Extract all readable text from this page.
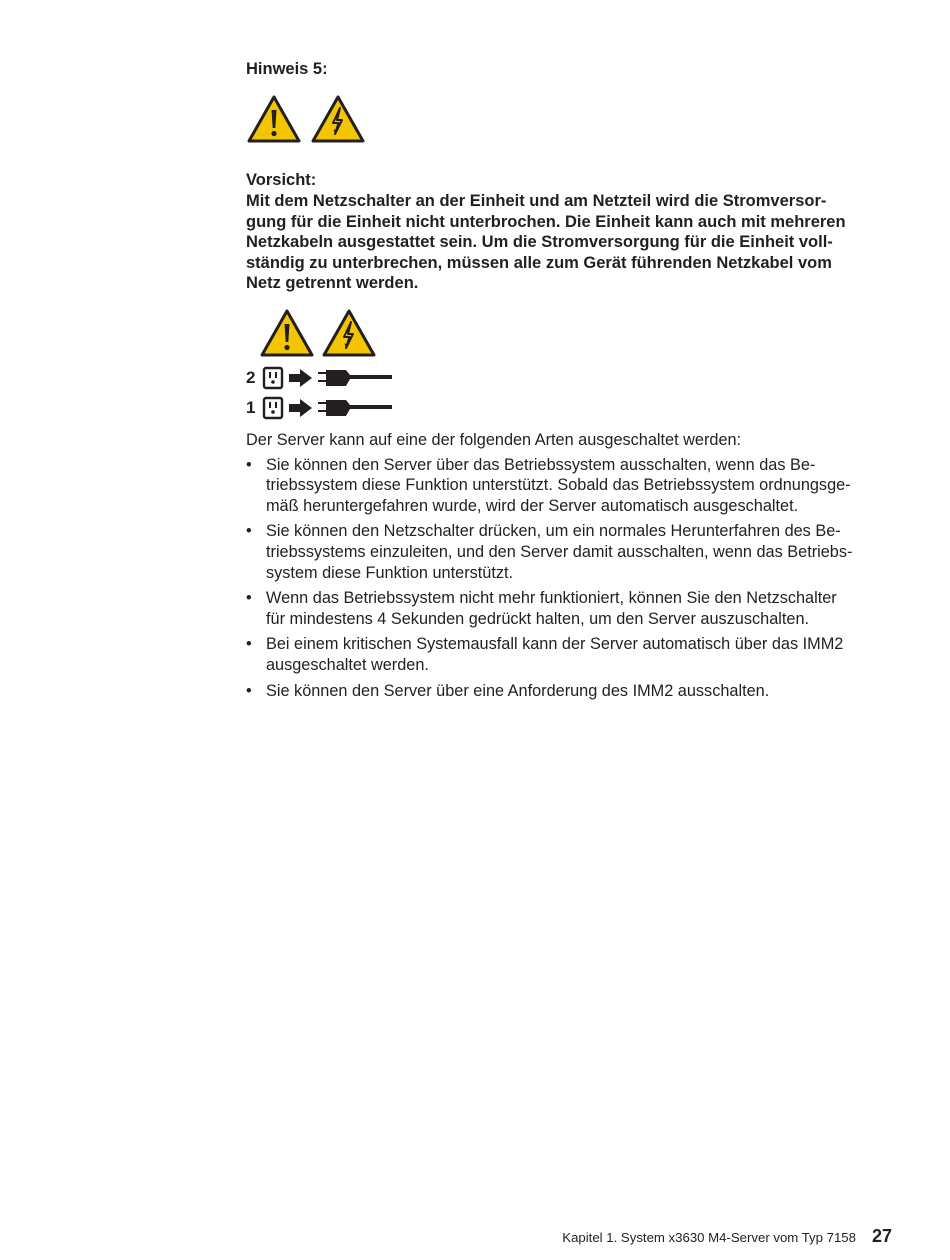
Hinweis 5:

Vorsicht:

Mit dem Netzschalter an der Einheit und am Netzteil wird die Stromversor-
gung für die Einheit nicht unterbrochen. Die Einheit kann auch mit mehreren
Netzkabeln ausgestattet sein. Um die Stromversorgung für die Einheit voll-
ständig zu unterbrechen, müssen alle zum Gerät führenden Netzkabel vom
Netz getrennt werden.

2
1

Der Server kann auf eine der folgenden Arten ausgeschaltet werden:

• Sie können den Server über das Betriebssystem ausschalten, wenn das Be-
triebssystem diese Funktion unterstützt. Sobald das Betriebssystem ordnungsge-
mäß heruntergefahren wurde, wird der Server automatisch ausgeschaltet.
• Sie können den Netzschalter drücken, um ein normales Herunterfahren des Be-
triebssystems einzuleiten, und den Server damit ausschalten, wenn das Betriebs-
system diese Funktion unterstützt.
• Wenn das Betriebssystem nicht mehr funktioniert, können Sie den Netzschalter
für mindestens 4 Sekunden gedrückt halten, um den Server auszuschalten.
• Bei einem kritischen Systemausfall kann der Server automatisch über das IMM2
ausgeschaltet werden.
• Sie können den Server über eine Anforderung des IMM2 ausschalten.
Kapitel 1. System x3630 M4-Server vom Typ 7158 27
